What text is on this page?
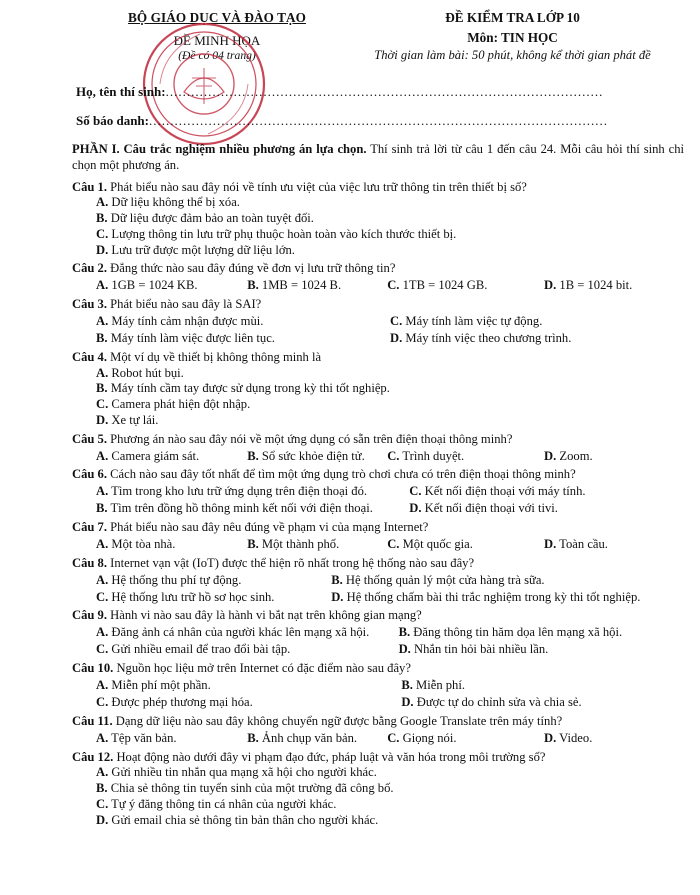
BỘ GIÁO DỤC VÀ ĐÀO TẠO
ĐỀ MINH HỌA
(Đề có 04 trang)
ĐỀ KIỂM TRA LỚP 10
Môn: TIN HỌC
Thời gian làm bài: 50 phút, không kể thời gian phát đề
Họ, tên thí sinh:.......................................................................................................
Số báo danh:............................................................................................................
PHẦN I. Câu trắc nghiệm nhiều phương án lựa chọn. Thí sinh trả lời từ câu 1 đến câu 24. Mỗi câu hỏi thí sinh chỉ chọn một phương án.
Câu 1. Phát biểu nào sau đây nói về tính ưu việt của việc lưu trữ thông tin trên thiết bị số?
A. Dữ liệu không thể bị xóa.
B. Dữ liệu được đảm bảo an toàn tuyệt đối.
C. Lượng thông tin lưu trữ phụ thuộc hoàn toàn vào kích thước thiết bị.
D. Lưu trữ được một lượng dữ liệu lớn.
Câu 2. Đẳng thức nào sau đây đúng về đơn vị lưu trữ thông tin?
A. 1GB = 1024 KB.	B. 1MB = 1024 B.	C. 1TB = 1024 GB.	D. 1B = 1024 bit.
Câu 3. Phát biểu nào sau đây là SAI?
A. Máy tính cảm nhận được mùi.	C. Máy tính làm việc tự động.
B. Máy tính làm việc được liên tục.	D. Máy tính việc theo chương trình.
Câu 4. Một ví dụ về thiết bị không thông minh là
A. Robot hút bụi.
B. Máy tính cầm tay được sử dụng trong kỳ thi tốt nghiệp.
C. Camera phát hiện đột nhập.
D. Xe tự lái.
Câu 5. Phương án nào sau đây nói về một ứng dụng có sẵn trên điện thoại thông minh?
A. Camera giám sát.	B. Sổ sức khỏe điện tử.	C. Trình duyệt.	D. Zoom.
Câu 6. Cách nào sau đây tốt nhất để tìm một ứng dụng trò chơi chưa có trên điện thoại thông minh?
A. Tìm trong kho lưu trữ ứng dụng trên điện thoại đó.	C. Kết nối điện thoại với máy tính.
B. Tìm trên đồng hồ thông minh kết nối với điện thoại.	D. Kết nối điện thoại với tivi.
Câu 7. Phát biểu nào sau đây nêu đúng về phạm vi của mạng Internet?
A. Một tòa nhà.	B. Một thành phố.	C. Một quốc gia.	D. Toàn cầu.
Câu 8. Internet vạn vật (IoT) được thể hiện rõ nhất trong hệ thống nào sau đây?
A. Hệ thống thu phí tự động.	B. Hệ thống quản lý một cửa hàng trà sữa.
C. Hệ thống lưu trữ hồ sơ học sinh.	D. Hệ thống chấm bài thi trắc nghiệm trong kỳ thi tốt nghiệp.
Câu 9. Hành vi nào sau đây là hành vi bắt nạt trên không gian mạng?
A. Đăng ảnh cá nhân của người khác lên mạng xã hội.	B. Đăng thông tin hăm dọa lên mạng xã hội.
C. Gửi nhiều email để trao đổi bài tập.	D. Nhắn tin hỏi bài nhiều lần.
Câu 10. Nguồn học liệu mở trên Internet có đặc điểm nào sau đây?
A. Miễn phí một phần.	B. Miễn phí.
C. Được phép thương mại hóa.	D. Được tự do chỉnh sửa và chia sẻ.
Câu 11. Dạng dữ liệu nào sau đây không chuyển ngữ được bằng Google Translate trên máy tính?
A. Tệp văn bản.	B. Ảnh chụp văn bản.	C. Giọng nói.	D. Video.
Câu 12. Hoạt động nào dưới đây vi phạm đạo đức, pháp luật và văn hóa trong môi trường số?
A. Gửi nhiều tin nhắn qua mạng xã hội cho người khác.
B. Chia sẻ thông tin tuyển sinh của một trường đã công bố.
C. Tự ý đăng thông tin cá nhân của người khác.
D. Gửi email chia sẻ thông tin bản thân cho người khác.
